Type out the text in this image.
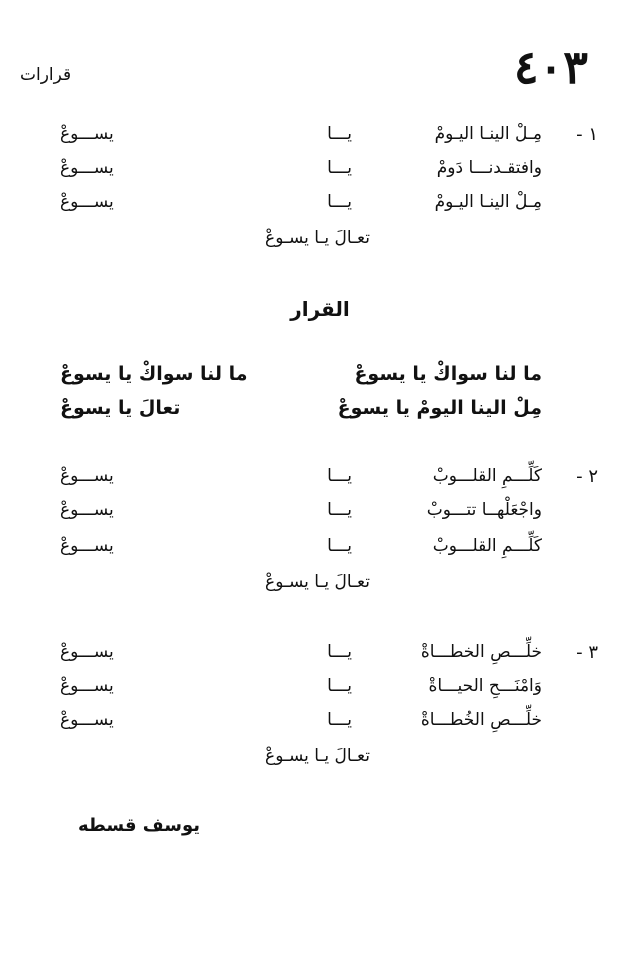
٤٠٣
قرارات
١ -
مِـلْ الينـا اليـومْ
يـــا
يســـوعْ
وافتقـدنـــا دَومْ
يـــا
يســـوعْ
مِـلْ الينـا اليـومْ
يـــا
يســـوعْ
تعـالَ يـا يسـوعْ
القرار
ما لنا سواكْ يا يسوعْ
ما لنا سواكْ يا يسوعْ
مِلْ الينا اليومْ يا يسوعْ
تعالَ يا يسوعْ
٢ -
كَلِّـــمِ القلـــوبْ
يـــا
يســـوعْ
واجْعَلْهــا تتـــوبْ
يـــا
يســـوعْ
كَلِّـــمِ القلـــوبْ
يـــا
يســـوعْ
تعـالَ يـا يسـوعْ
٣ -
خلِّـــصِ الخطـــاةْ
يـــا
يســـوعْ
وَامْنَـــحِ الحيـــاةْ
يـــا
يســـوعْ
خلِّـــصِ الخُطـــاةْ
يـــا
يســـوعْ
تعـالَ يـا يسـوعْ
يوسف قسطه
